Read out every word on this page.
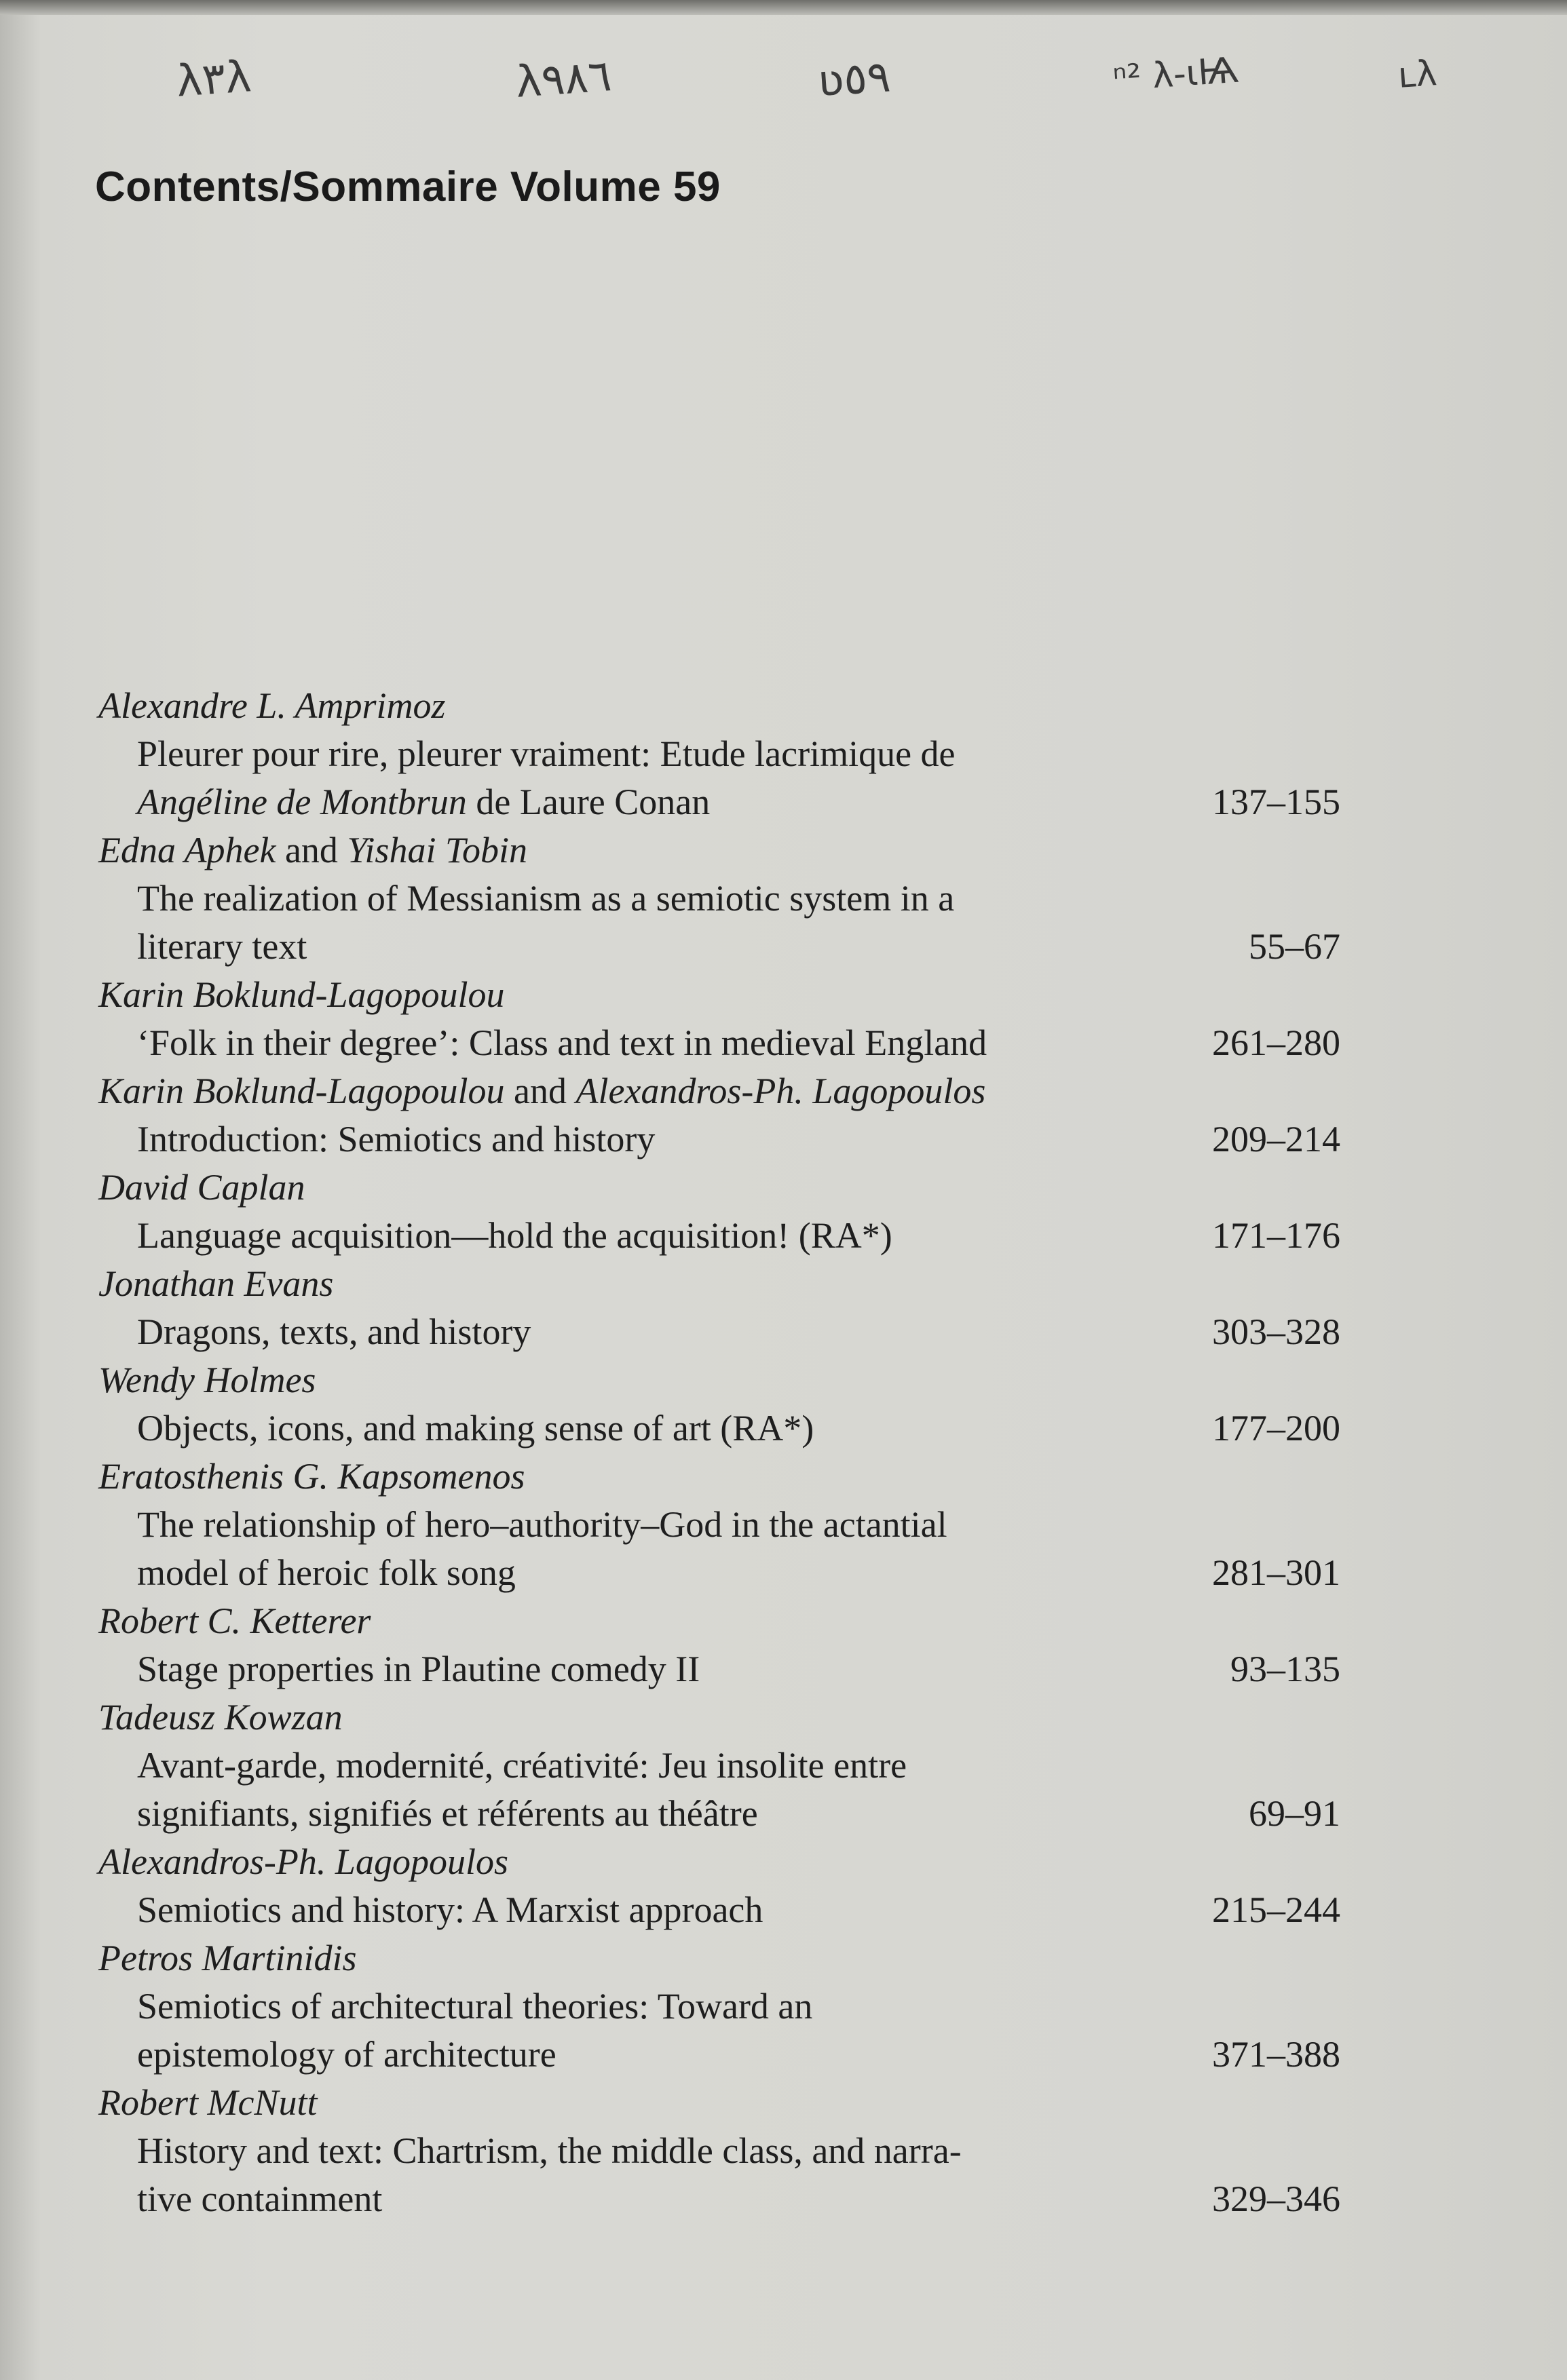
λ٣λ	λ٩٨٦	ʋ٥٩	ⁿ² λ-ιѨ	ʟλ
Contents/Sommaire Volume 59
Alexandre L. Amprimoz
Pleurer pour rire, pleurer vraiment: Etude lacrimique de
Angéline de Montbrun de Laure Conan	137–155
Edna Aphek and Yishai Tobin
The realization of Messianism as a semiotic system in a
literary text	55–67
Karin Boklund-Lagopoulou
‘Folk in their degree’: Class and text in medieval England	261–280
Karin Boklund-Lagopoulou and Alexandros-Ph. Lagopoulos
Introduction: Semiotics and history	209–214
David Caplan
Language acquisition—hold the acquisition! (RA*)	171–176
Jonathan Evans
Dragons, texts, and history	303–328
Wendy Holmes
Objects, icons, and making sense of art (RA*)	177–200
Eratosthenis G. Kapsomenos
The relationship of hero–authority–God in the actantial
model of heroic folk song	281–301
Robert C. Ketterer
Stage properties in Plautine comedy II	93–135
Tadeusz Kowzan
Avant-garde, modernité, créativité: Jeu insolite entre
signifiants, signifiés et référents au théâtre	69–91
Alexandros-Ph. Lagopoulos
Semiotics and history: A Marxist approach	215–244
Petros Martinidis
Semiotics of architectural theories: Toward an
epistemology of architecture	371–388
Robert McNutt
History and text: Chartrism, the middle class, and narra-
tive containment	329–346
